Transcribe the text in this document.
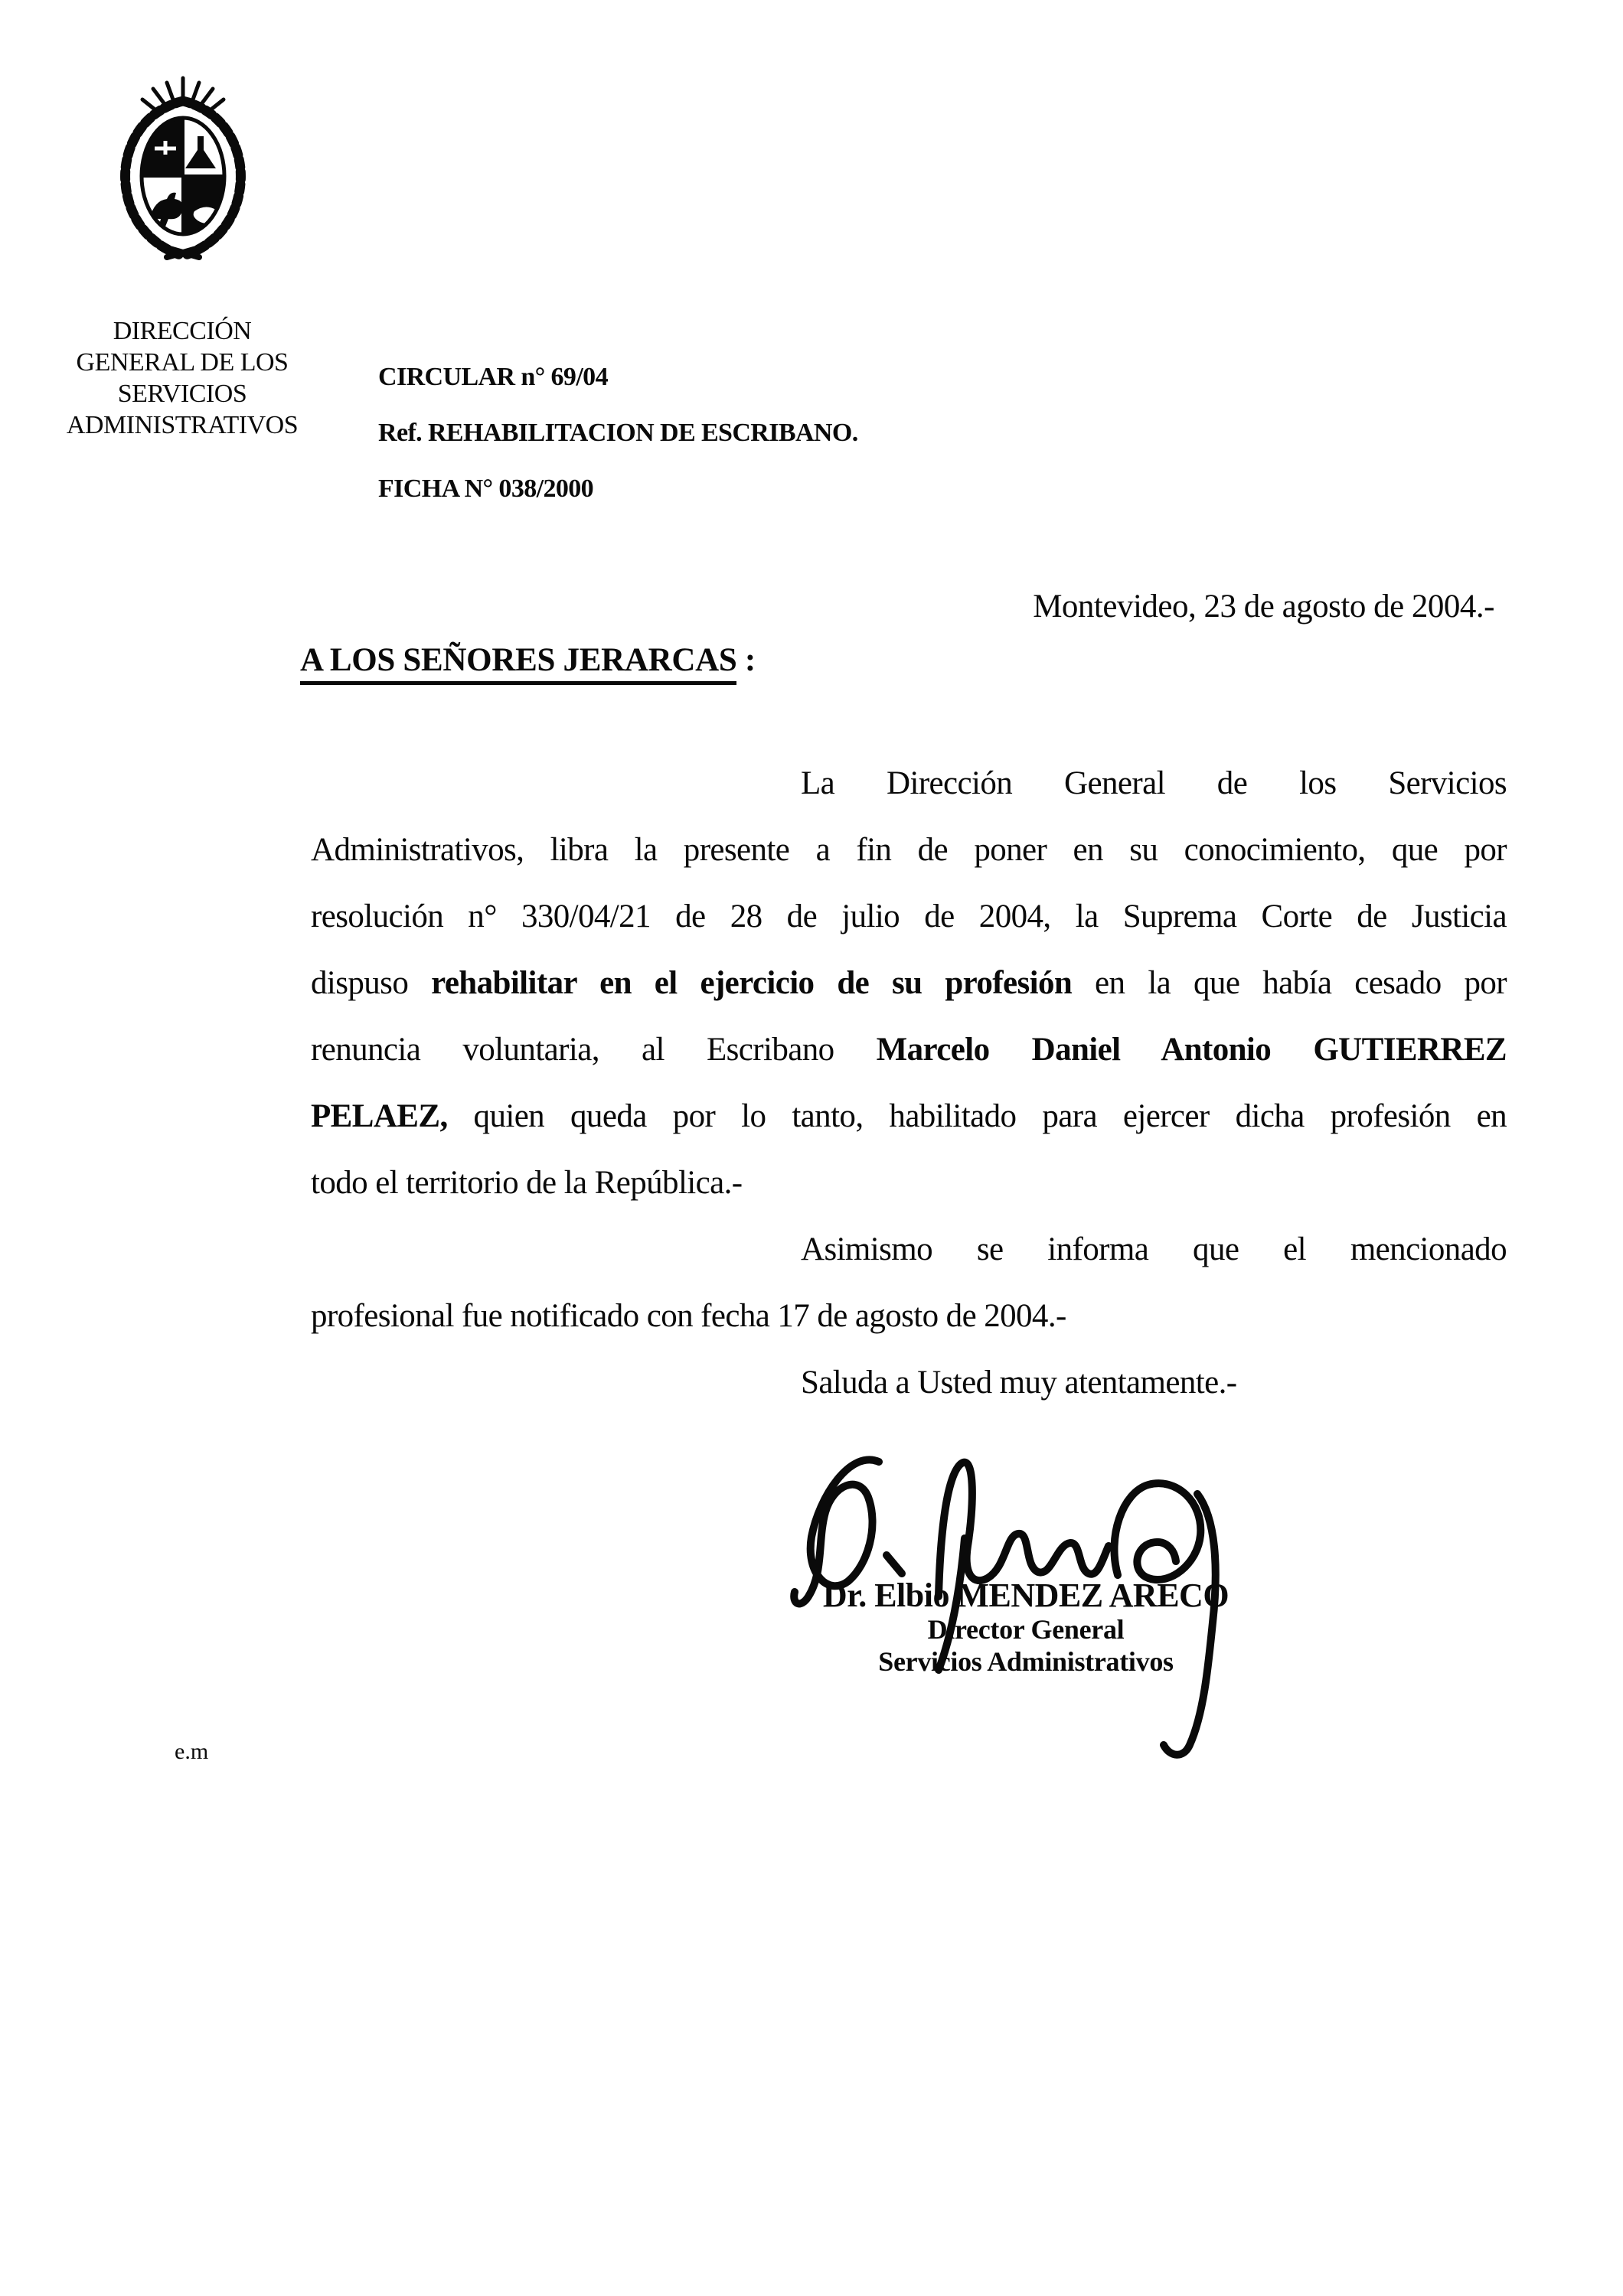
DIRECCIÓN
GENERAL DE LOS
SERVICIOS
ADMINISTRATIVOS
CIRCULAR n° 69/04
Ref. REHABILITACION DE ESCRIBANO.
FICHA N° 038/2000
Montevideo, 23 de agosto de 2004.-
A LOS SEÑORES JERARCAS :
La Dirección General de los Servicios
Administrativos, libra la presente a fin de poner en su conocimiento, que por
resolución n° 330/04/21 de 28 de julio de 2004, la Suprema Corte de Justicia
dispuso rehabilitar en el ejercicio de su profesión en la que había cesado por
renuncia voluntaria, al Escribano Marcelo Daniel Antonio GUTIERREZ
PELAEZ, quien queda por lo tanto, habilitado para ejercer dicha profesión en
todo el territorio de la República.-
Asimismo se informa que el mencionado
profesional fue notificado con fecha 17 de agosto de 2004.-
Saluda a Usted muy atentamente.-
Dr. Elbio MENDEZ ARECO
Director General
Servicios Administrativos
e.m
